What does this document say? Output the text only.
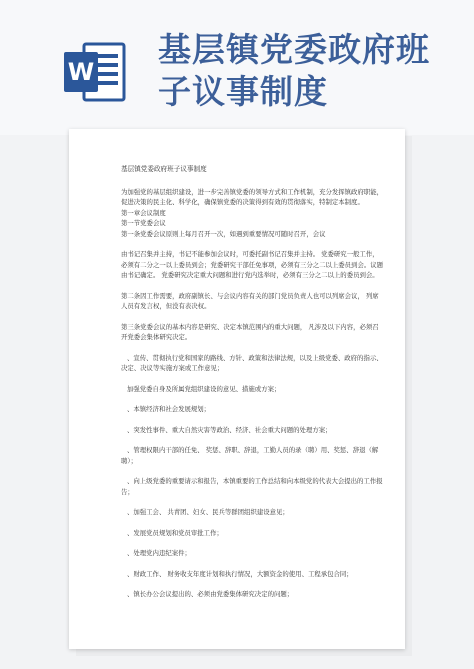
W
基层镇党委政府班
子议事制度

基层镇党委政府班子议事制度

为加强党的基层组织建设，进一步完善镇党委的领导方式和工作机制，充分发挥镇政府职能，促进决策的民主化、科学化，确保镇党委的决策得到有效的贯彻落实，特制定本制度。

第一章会议制度

第一节党委会议

第一条党委会议原则上每月召开一次，如遇到重要情况可随时召开，会议

由书记召集并主持，书记不能参加会议时，可委托副书记召集并主持。 党委研究一般工作，必须有二分之一以上委员到会；党委研究干部任免事项，必须有三分之二以上委员到会。议题由书记确定。 党委研究决定重大问题和进行党内选举时，必须有三分之二以上的委员到会。

第二条因工作需要，政府副镇长、与会议内容有关的部门党员负责人也可以列席会议， 列席人员有发言权，但没有表决权。

第三条党委会议的基本内容是研究、决定本镇范围内的重大问题， 凡涉及以下内容，必须召开党委会集体研究决定。

、宣传、贯彻执行党和国家的路线、方针、政策和法律法规，以及上级党委、政府的指示、决定、决议等实施方案或工作意见；

加强党委自身及所属党组织建设的意见、措施或方案；

、本镇经济和社会发展规划；

、突发性事件、重大自然灾害等政治、经济、社会重大问题的处理方案；

、管理权限内干部的任免、 奖惩、辞职、辞退，工勤人员的录（聘）用、奖惩、辞退（解聘）；

、向上级党委的重要请示和报告，本镇重要的工作总结和向本级党的代表大会提出的工作报告；

、加强工会、 共青团、妇女、民兵等群团组织建设意见；

、发展党员规划和党员审批工作；

、处理党内违纪案件；

、财政工作、 财务收支年度计划和执行情况，大额资金的使用、工程承包合同；

、镇长办公会议提出的、必须由党委集体研究决定的问题；
